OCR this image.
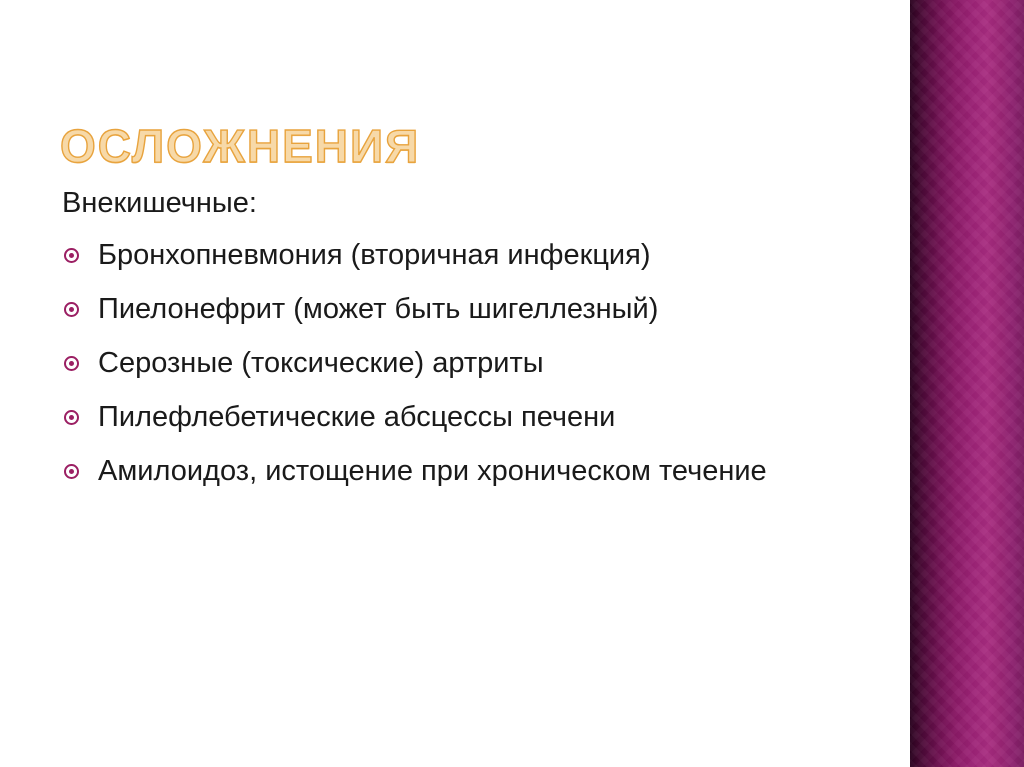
ОСЛОЖНЕНИЯ

Внекишечные:

Бронхопневмония (вторичная инфекция)
Пиелонефрит (может быть шигеллезный)
Серозные (токсические) артриты
Пилефлебетические абсцессы печени
Амилоидоз, истощение при хроническом течение
